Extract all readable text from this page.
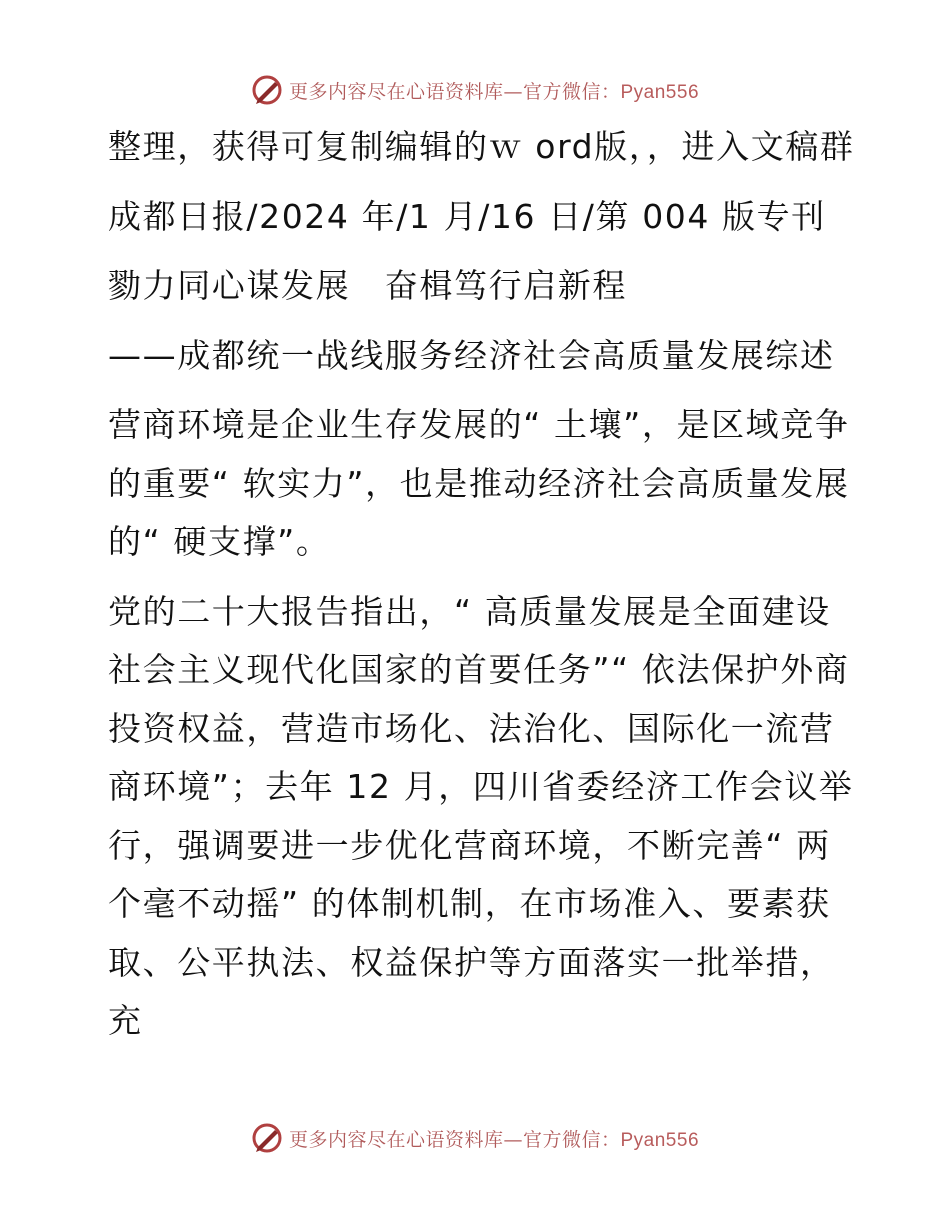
更多内容尽在心语资料库—官方微信：Pyan556

整理，获得可复制编辑的ｗ ord版，，进入文稿群

成都日报/2024 年/1 月/16 日/第 004 版专刊

勠力同心谋发展　奋楫笃行启新程

——成都统一战线服务经济社会高质量发展综述

营商环境是企业生存发展的“ 土壤”，是区域竞争的重要“ 软实力”，也是推动经济社会高质量发展的“ 硬支撑”。

党的二十大报告指出，“ 高质量发展是全面建设社会主义现代化国家的首要任务”“ 依法保护外商投资权益，营造市场化、法治化、国际化一流营商环境”；去年 12 月，四川省委经济工作会议举行，强调要进一步优化营商环境，不断完善“ 两个毫不动摇” 的体制机制，在市场准入、要素获取、公平执法、权益保护等方面落实一批举措，充

更多内容尽在心语资料库—官方微信：Pyan556
